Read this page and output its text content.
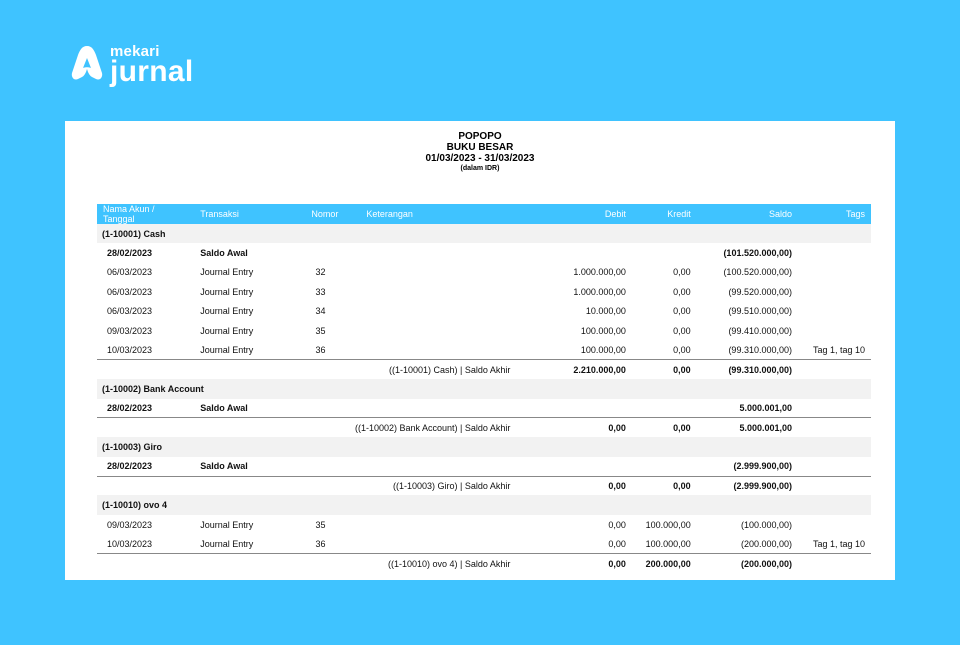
mekari
jurnal
POPOPO
BUKU BESAR
01/03/2023 - 31/03/2023
(dalam IDR)
Nama Akun / Tanggal	Transaksi	Nomor	Keterangan	Debit	Kredit	Saldo	Tags
(1-10001) Cash							
28/02/2023	Saldo Awal					(101.520.000,00)	
06/03/2023	Journal Entry	32		1.000.000,00	0,00	(100.520.000,00)	
06/03/2023	Journal Entry	33		1.000.000,00	0,00	(99.520.000,00)	
06/03/2023	Journal Entry	34		10.000,00	0,00	(99.510.000,00)	
09/03/2023	Journal Entry	35		100.000,00	0,00	(99.410.000,00)	
10/03/2023	Journal Entry	36		100.000,00	0,00	(99.310.000,00)	Tag 1, tag 10
((1-10001) Cash) | Saldo Akhir				2.210.000,00	0,00	(99.310.000,00)	
(1-10002) Bank Account							
28/02/2023	Saldo Awal					5.000.001,00	
((1-10002) Bank Account) | Saldo Akhir				0,00	0,00	5.000.001,00	
(1-10003) Giro							
28/02/2023	Saldo Awal					(2.999.900,00)	
((1-10003) Giro) | Saldo Akhir				0,00	0,00	(2.999.900,00)	
(1-10010) ovo 4							
09/03/2023	Journal Entry	35		0,00	100.000,00	(100.000,00)	
10/03/2023	Journal Entry	36		0,00	100.000,00	(200.000,00)	Tag 1, tag 10
((1-10010) ovo 4) | Saldo Akhir				0,00	200.000,00	(200.000,00)	
